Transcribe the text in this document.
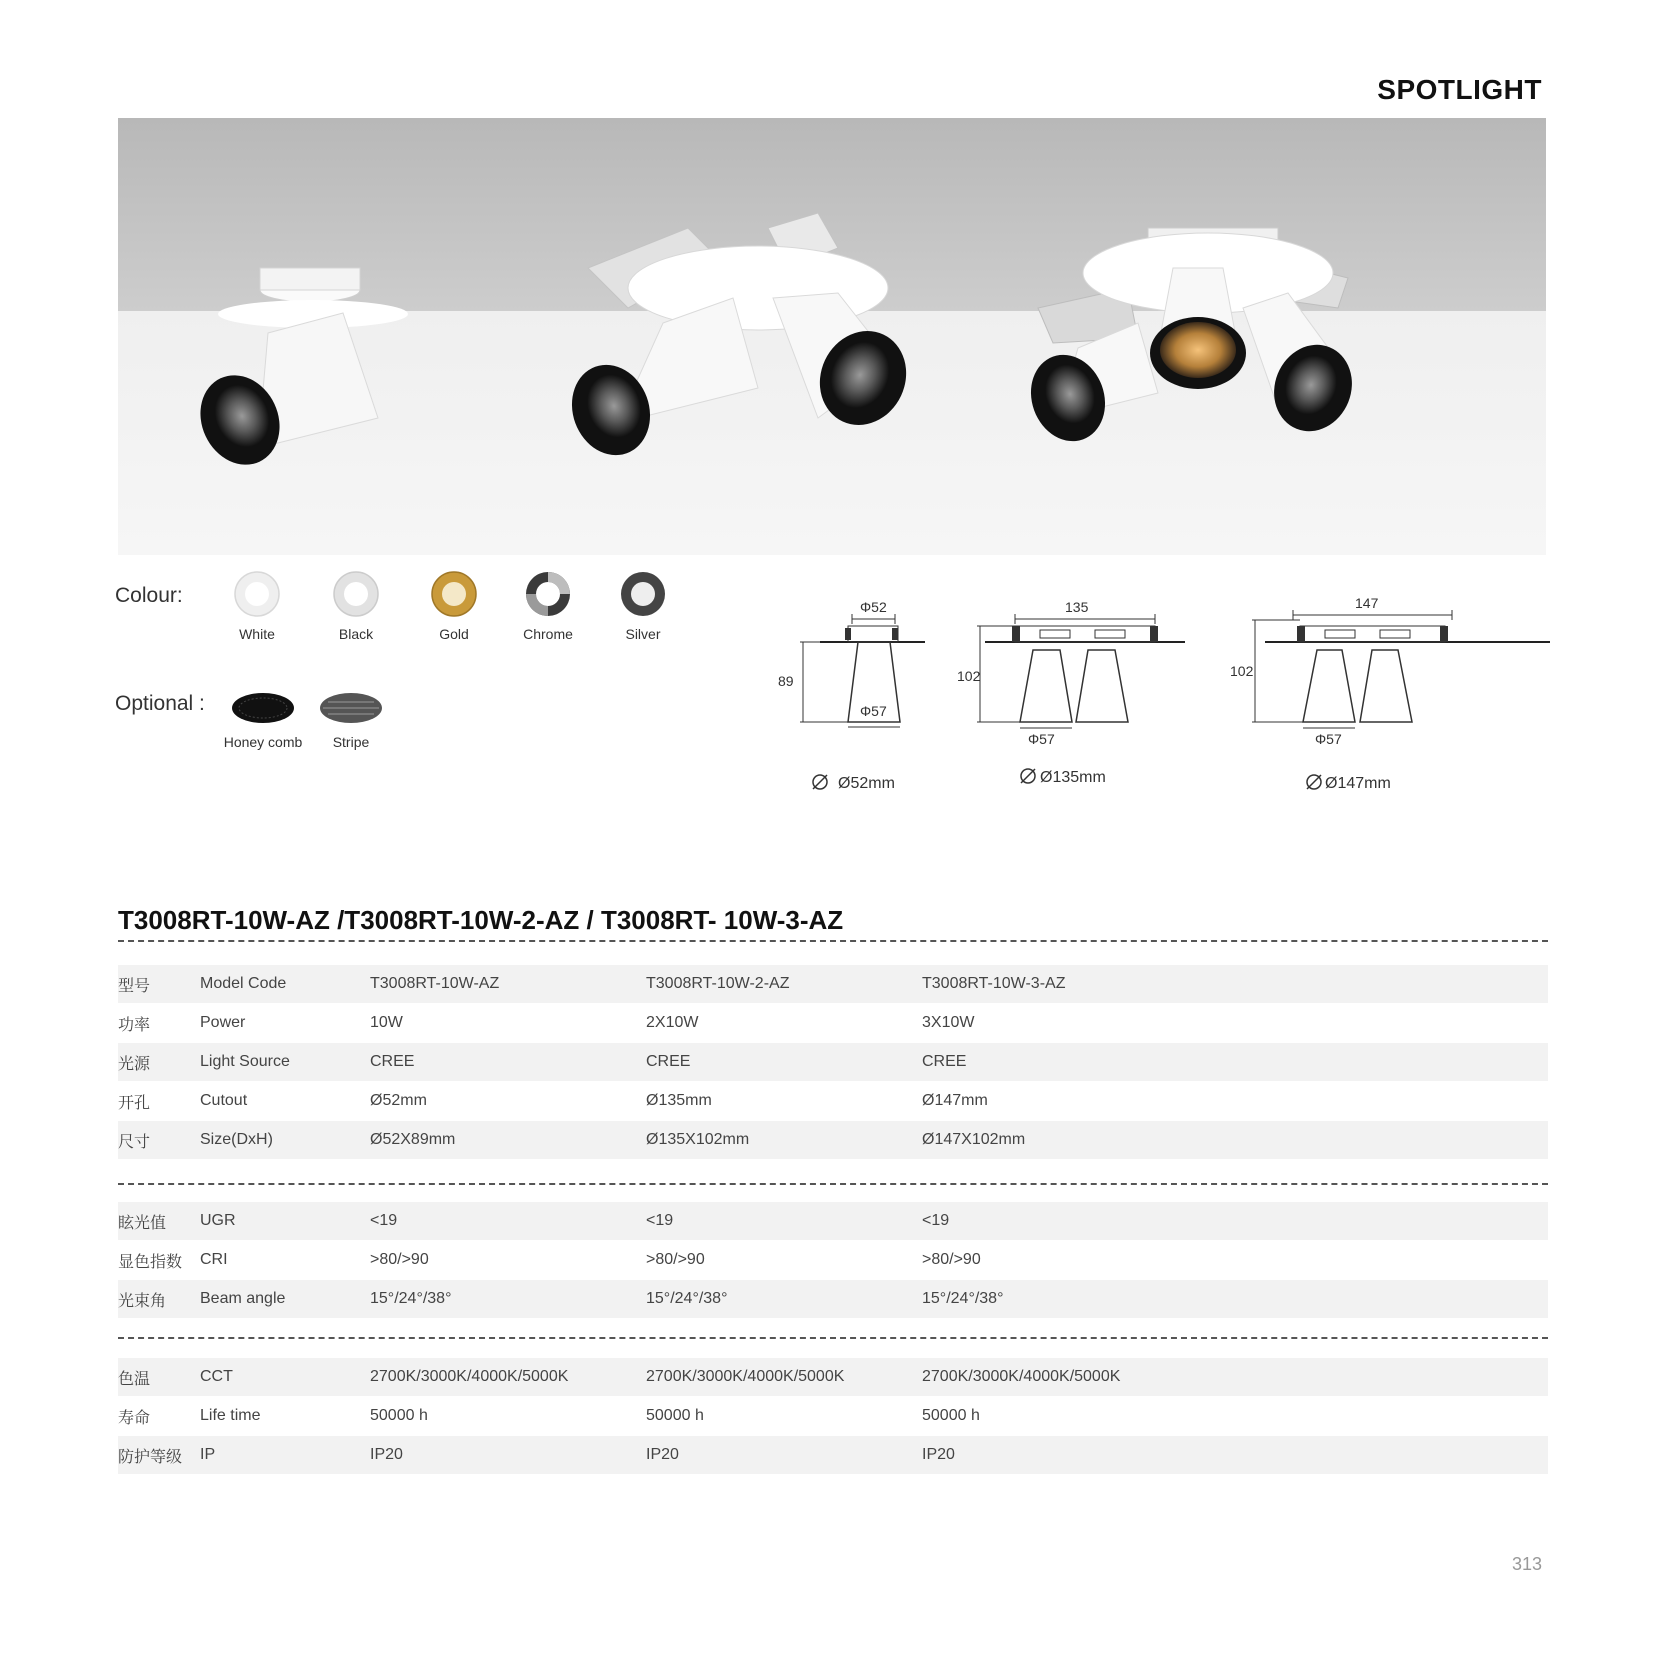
SPOTLIGHT
Colour:
White	Black	Gold	Chrome	Silver
Optional :
Honey comb	Stripe
Φ52
89
Φ57
Ø52mm
135
102
Φ57
Ø135mm
147
102
Φ57
Ø147mm
T3008RT-10W-AZ /T3008RT-10W-2-AZ / T3008RT- 10W-3-AZ
型号	Model Code	T3008RT-10W-AZ	T3008RT-10W-2-AZ	T3008RT-10W-3-AZ
功率	Power	10W	2X10W	3X10W
光源	Light Source	CREE	CREE	CREE
开孔	Cutout	Ø52mm	Ø135mm	Ø147mm
尺寸	Size(DxH)	Ø52X89mm	Ø135X102mm	Ø147X102mm
眩光值	UGR	<19	<19	<19
显色指数	CRI	>80/>90	>80/>90	>80/>90
光束角	Beam angle	15°/24°/38°	15°/24°/38°	15°/24°/38°
色温	CCT	2700K/3000K/4000K/5000K	2700K/3000K/4000K/5000K	2700K/3000K/4000K/5000K
寿命	Life time	50000 h	50000 h	50000 h
防护等级	IP	IP20	IP20	IP20
313
